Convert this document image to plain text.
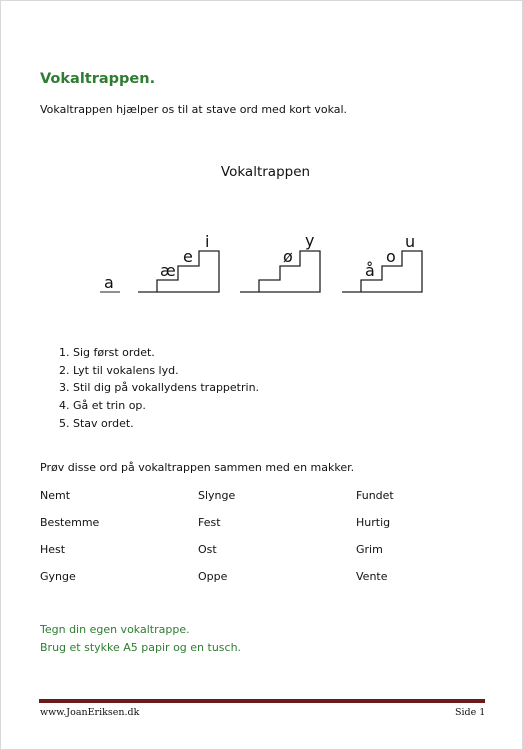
Vokaltrappen.
Vokaltrappen hjælper os til at stave ord med kort vokal.
Vokaltrappen
a
æ
e
i
ø
y
å
o
u
1. Sig først ordet.
2. Lyt til vokalens lyd.
3. Stil dig på vokallydens trappetrin.
4. Gå et trin op.
5. Stav ordet.
Prøv disse ord på vokaltrappen sammen med en makker.
Nemt	Slynge	Fundet
Bestemme	Fest	Hurtig
Hest	Ost	Grim
Gynge	Oppe	Vente
Tegn din egen vokaltrappe.
Brug et stykke A5 papir og en tusch.
www.JoanEriksen.dk	Side 1
